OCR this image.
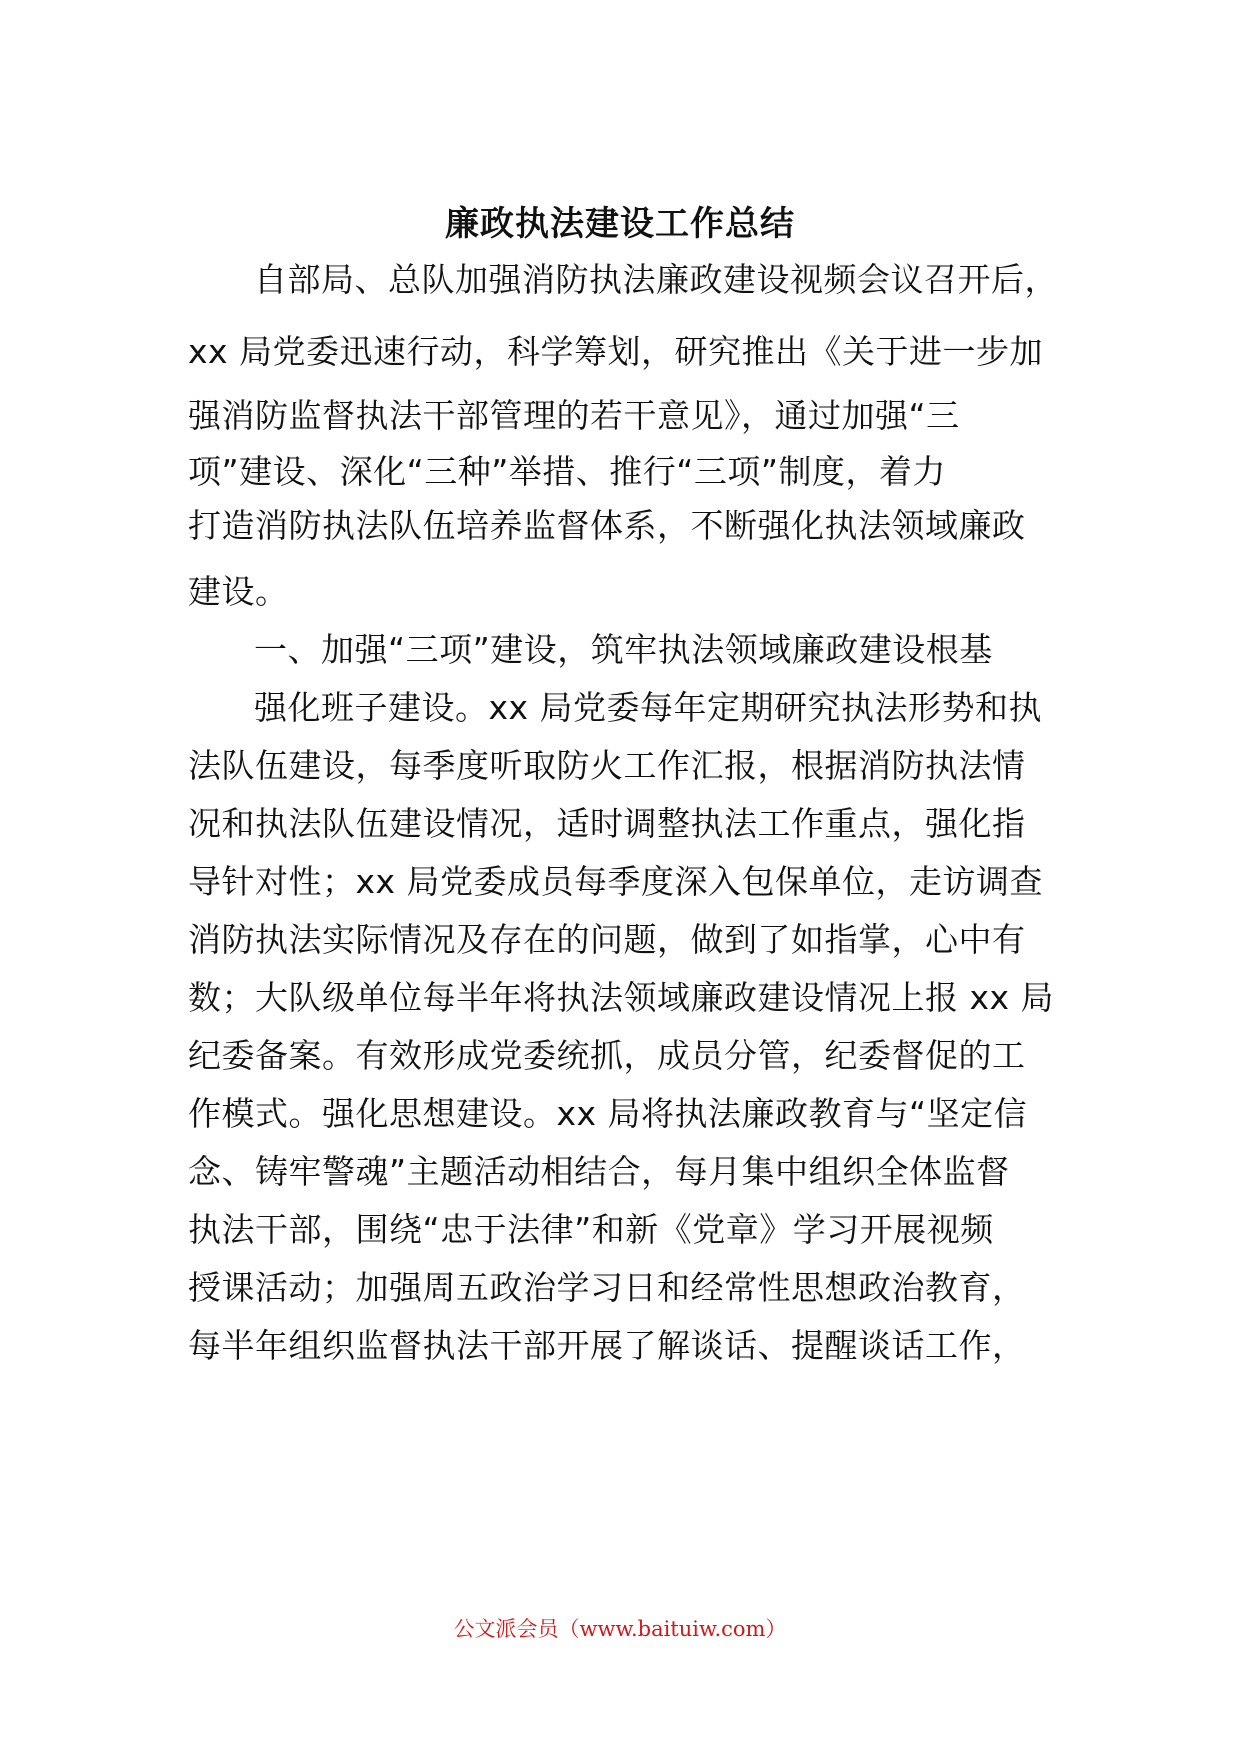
廉政执法建设工作总结

自部局、总队加强消防执法廉政建设视频会议召开后，

xx 局党委迅速行动，科学筹划，研究推出《关于进一步加

强消防监督执法干部管理的若干意见》，通过加强“三

项”建设、深化“三种”举措、推行“三项”制度，着力

打造消防执法队伍培养监督体系，不断强化执法领域廉政

建设。

一、加强“三项”建设，筑牢执法领域廉政建设根基

强化班子建设。xx 局党委每年定期研究执法形势和执

法队伍建设，每季度听取防火工作汇报，根据消防执法情

况和执法队伍建设情况，适时调整执法工作重点，强化指

导针对性；xx 局党委成员每季度深入包保单位，走访调查

消防执法实际情况及存在的问题，做到了如指掌，心中有

数；大队级单位每半年将执法领域廉政建设情况上报 xx 局

纪委备案。有效形成党委统抓，成员分管，纪委督促的工

作模式。强化思想建设。xx 局将执法廉政教育与“坚定信

念、铸牢警魂”主题活动相结合，每月集中组织全体监督

执法干部，围绕“忠于法律”和新《党章》学习开展视频

授课活动；加强周五政治学习日和经常性思想政治教育，

每半年组织监督执法干部开展了解谈话、提醒谈话工作，

公文派会员（www.baituiw.com）
